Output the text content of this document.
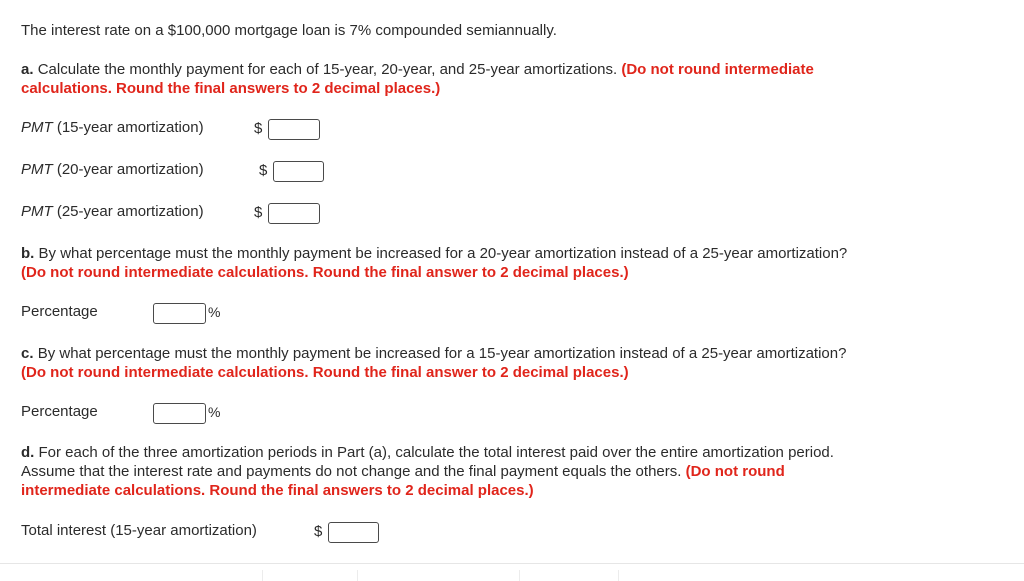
The interest rate on a $100,000 mortgage loan is 7% compounded semiannually.
a. Calculate the monthly payment for each of 15-year, 20-year, and 25-year amortizations. (Do not round intermediate
calculations. Round the final answers to 2 decimal places.)
PMT (15-year amortization)	$
PMT (20-year amortization)	$
PMT (25-year amortization)	$
b. By what percentage must the monthly payment be increased for a 20-year amortization instead of a 25-year amortization?
(Do not round intermediate calculations. Round the final answer to 2 decimal places.)
Percentage	%
c. By what percentage must the monthly payment be increased for a 15-year amortization instead of a 25-year amortization?
(Do not round intermediate calculations. Round the final answer to 2 decimal places.)
Percentage	%
d. For each of the three amortization periods in Part (a), calculate the total interest paid over the entire amortization period.
Assume that the interest rate and payments do not change and the final payment equals the others. (Do not round
intermediate calculations. Round the final answers to 2 decimal places.)
Total interest (15-year amortization)	$
